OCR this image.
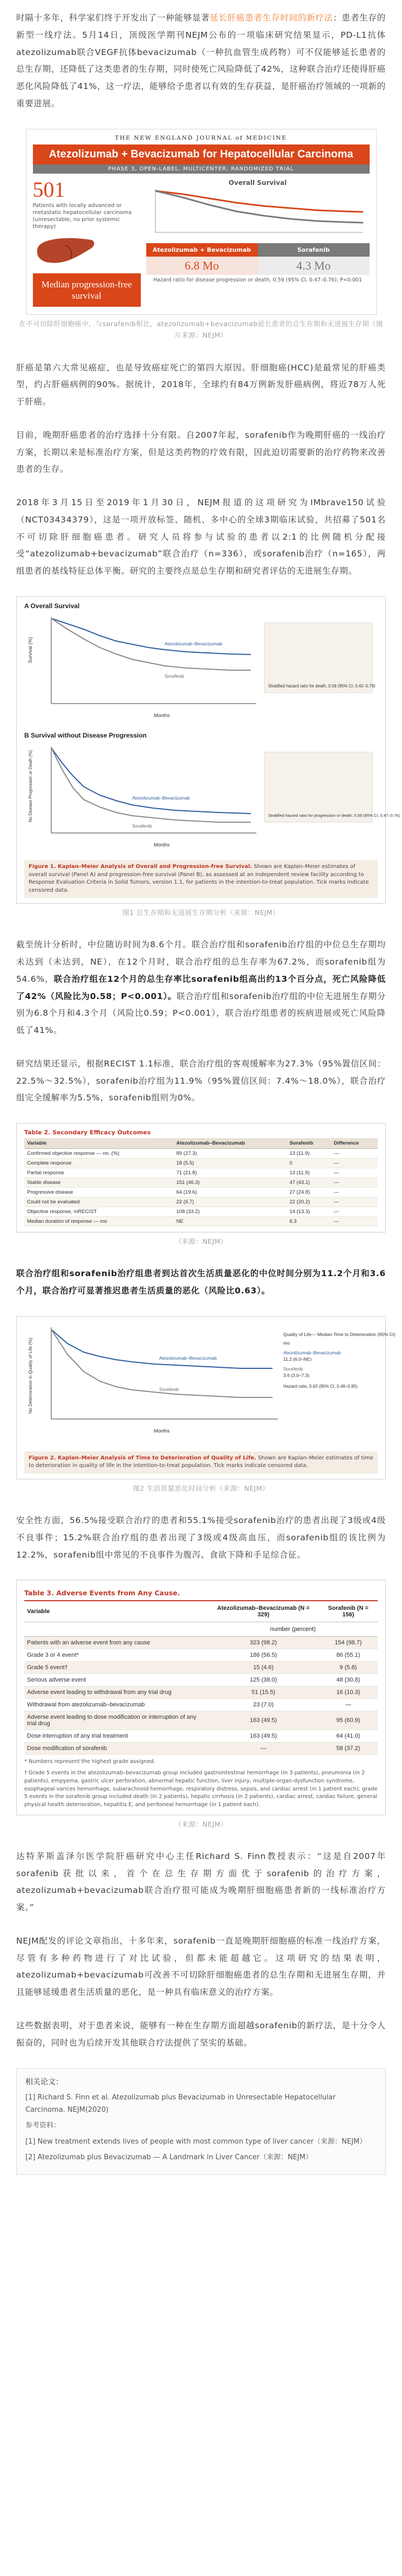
时隔十多年，科学家们终于开发出了一种能够显著延长肝癌患者生存时间的新疗法：患者生存的新型一线疗法。5月14日，顶级医学期刊NEJM公布的一项临床研究结果显示，PD-L1抗体atezolizumab联合VEGF抗体bevacizumab（一种抗血管生成药物）可不仅能够延长患者的总生存期，还降低了这类患者的生存期，同时使死亡风险降低了42%，这种联合治疗还使得肝癌恶化风险降低了41%，这一疗法，能够给予患者以有效的生存获益，是肝癌治疗领域的一项新的重要进展。

THE NEW ENGLAND JOURNAL of MEDICINE
Atezolizumab + Bevacizumab for Hepatocellular Carcinoma
PHASE 3, OPEN-LABEL, MULTICENTER, RANDOMIZED TRIAL
501
Patients with locally advanced or metastatic hepatocellular carcinoma (unresectable, no prior systemic therapy)
Median progression-free survival
Overall Survival
Atezolizumab + Bevacizumab	Sorafenib
6.8 Mo	4.3 Mo
Hazard ratio for disease progression or death, 0.59 (95% CI, 0.47–0.76); P<0.001
在不可切除肝细胞癌中，与sorafenib相比，atezolizumab+bevacizumab延长患者的总生存期和无进展生存期（图片来源：NEJM）

肝癌是第六大常见癌症，也是导致癌症死亡的第四大原因。肝细胞癌(HCC)是最常见的肝癌类型，约占肝癌病例的90%。据统计，2018年，全球约有84万例新发肝癌病例，将近78万人死于肝癌。

目前，晚期肝癌患者的治疗选择十分有限。自2007年起，sorafenib作为晚期肝癌的一线治疗方案，长期以来是标准治疗方案，但是这类药物的疗效有限，因此迫切需要新的治疗药物来改善患者的生存。

2018年3月15日至2019年1月30日，NEJM报道的这项研究为IMbrave150试验（NCT03434379），这是一项开放标签、随机、多中心的全球3期临床试验，共招募了501名不可切除肝细胞癌患者。研究人员将参与试验的患者以2:1的比例随机分配接受“atezolizumab+bevacizumab”联合治疗（n=336），或sorafenib治疗（n=165），两组患者的基线特征总体平衡。研究的主要终点是总生存期和研究者评估的无进展生存期。

A Overall Survival
Survival (%)
Months
Atezolizumab–Bevacizumab
Sorafenib
Stratified hazard ratio for death, 0.58 (95% CI, 0.42–0.79)
B Survival without Disease Progression
No Disease Progression or Death (%)
Months
Atezolizumab–Bevacizumab
Sorafenib
Stratified hazard ratio for progression or death, 0.59 (95% CI, 0.47–0.76)
Figure 1. Kaplan–Meier Analysis of Overall and Progression-free Survival. Shown are Kaplan–Meier estimates of overall survival (Panel A) and progression-free survival (Panel B), as assessed at an independent review facility according to Response Evaluation Criteria in Solid Tumors, version 1.1, for patients in the intention-to-treat population. Tick marks indicate censored data.
图1 总生存期和无进展生存期分析（来源：NEJM）

截至统计分析时，中位随访时间为8.6个月。联合治疗组和sorafenib治疗组的中位总生存期均未达到（未达到，NE），在12个月时，联合治疗组的总生存率为67.2%，而sorafenib组为54.6%，联合治疗组在12个月的总生存率比sorafenib组高出约13个百分点，死亡风险降低了42%（风险比为0.58；P<0.001）。联合治疗组和sorafenib治疗组的中位无进展生存期分别为6.8个月和4.3个月（风险比0.59；P<0.001），联合治疗组患者的疾病进展或死亡风险降低了41%。

研究结果还显示，根据RECIST 1.1标准，联合治疗组的客观缓解率为27.3%（95%置信区间：22.5%～32.5%），sorafenib治疗组为11.9%（95%置信区间：7.4%～18.0%），联合治疗组完全缓解率为5.5%，sorafenib组则为0%。

Table 2. Secondary Efficacy Outcomes
Variable	Atezolizumab–Bevacizumab	Sorafenib	Difference
Confirmed objective response — no. (%)	89 (27.3)	13 (11.9)	—
Complete response	18 (5.5)	0	—
Partial response	71 (21.8)	13 (11.9)	—
Stable disease	151 (46.3)	47 (43.1)	—
Progressive disease	64 (19.6)	27 (24.8)	—
Could not be evaluated	22 (6.7)	22 (20.2)	—
Objective response, mRECIST	108 (33.2)	14 (13.3)	—
Median duration of response — mo	NE	6.3	—
（来源：NEJM）

联合治疗组和sorafenib治疗组患者到达首次生活质量恶化的中位时间分别为11.2个月和3.6个月，联合治疗可显著推迟患者生活质量的恶化（风险比0.63）。

No Deterioration in Quality of Life (%)
Months
Atezolizumab–Bevacizumab
Sorafenib
Quality of Life— Median Time to Deterioration (95% CI)
Atezolizumab–Bevacizumab
11.2 (6.0–NE)
Sorafenib
3.6 (3.0–7.3)
mo
Hazard ratio, 0.63 (95% CI, 0.46–0.85)
Figure 2. Kaplan–Meier Analysis of Time to Deterioration of Quality of Life. Shown are Kaplan–Meier estimates of time to deterioration in quality of life in the intention-to-treat population. Tick marks indicate censored data.
图2 生活质量恶化时间分析（来源：NEJM）

安全性方面，56.5%接受联合治疗的患者和55.1%接受sorafenib治疗的患者出现了3级或4级不良事件；15.2%联合治疗组的患者出现了3级或4级高血压，而sorafenib组的该比例为12.2%，sorafenib组中常见的不良事件为腹泻、食欲下降和手足综合征。

Table 3. Adverse Events from Any Cause.
Variable	Atezolizumab–Bevacizumab (N = 329)	Sorafenib (N = 156)
	number (percent)	
Patients with an adverse event from any cause	323 (98.2)	154 (98.7)
Grade 3 or 4 event*	186 (56.5)	86 (55.1)
Grade 5 event†	15 (4.6)	9 (5.8)
Serious adverse event	125 (38.0)	48 (30.8)
Adverse event leading to withdrawal from any trial drug	51 (15.5)	16 (10.3)
Withdrawal from atezolizumab–bevacizumab	23 (7.0)	—
Adverse event leading to dose modification or interruption of any trial drug	163 (49.5)	95 (60.9)
Dose interruption of any trial treatment	163 (49.5)	64 (41.0)
Dose modification of sorafenib	—	58 (37.2)
* Numbers represent the highest grade assigned.
† Grade 5 events in the atezolizumab–bevacizumab group included gastrointestinal hemorrhage (in 3 patients), pneumonia (in 2 patients), empyema, gastric ulcer perforation, abnormal hepatic function, liver injury, multiple-organ-dysfunction syndrome, esophageal varices hemorrhage, subarachnoid hemorrhage, respiratory distress, sepsis, and cardiac arrest (in 1 patient each); grade 5 events in the sorafenib group included death (in 2 patients), hepatic cirrhosis (in 2 patients), cardiac arrest, cardiac failure, general physical health deterioration, hepatitis E, and peritoneal hemorrhage (in 1 patient each).
（来源：NEJM）

达特茅斯盖泽尔医学院肝癌研究中心主任Richard S. Finn教授表示：“这是自2007年sorafenib获批以来，首个在总生存期方面优于sorafenib的治疗方案，atezolizumab+bevacizumab联合治疗很可能成为晚期肝细胞癌患者新的一线标准治疗方案。”

NEJM配发的评论文章指出，十多年来，sorafenib一直是晚期肝细胞癌的标准一线治疗方案，尽管有多种药物进行了对比试验，但都未能超越它。这项研究的结果表明，atezolizumab+bevacizumab可改善不可切除肝细胞癌患者的总生存期和无进展生存期，并且能够延缓患者生活质量的恶化，是一种具有临床意义的治疗方案。

这些数据表明，对于患者来说，能够有一种在生存期方面超越sorafenib的新疗法，是十分令人振奋的，同时也为后续开发其他联合疗法提供了坚实的基础。

相关论文：
[1] Richard S. Finn et al. Atezolizumab plus Bevacizumab in Unresectable Hepatocellular Carcinoma. NEJM(2020)
参考资料：
[1] New treatment extends lives of people with most common type of liver cancer（来源：NEJM）
[2] Atezolizumab plus Bevacizumab — A Landmark in Liver Cancer（来源：NEJM）
